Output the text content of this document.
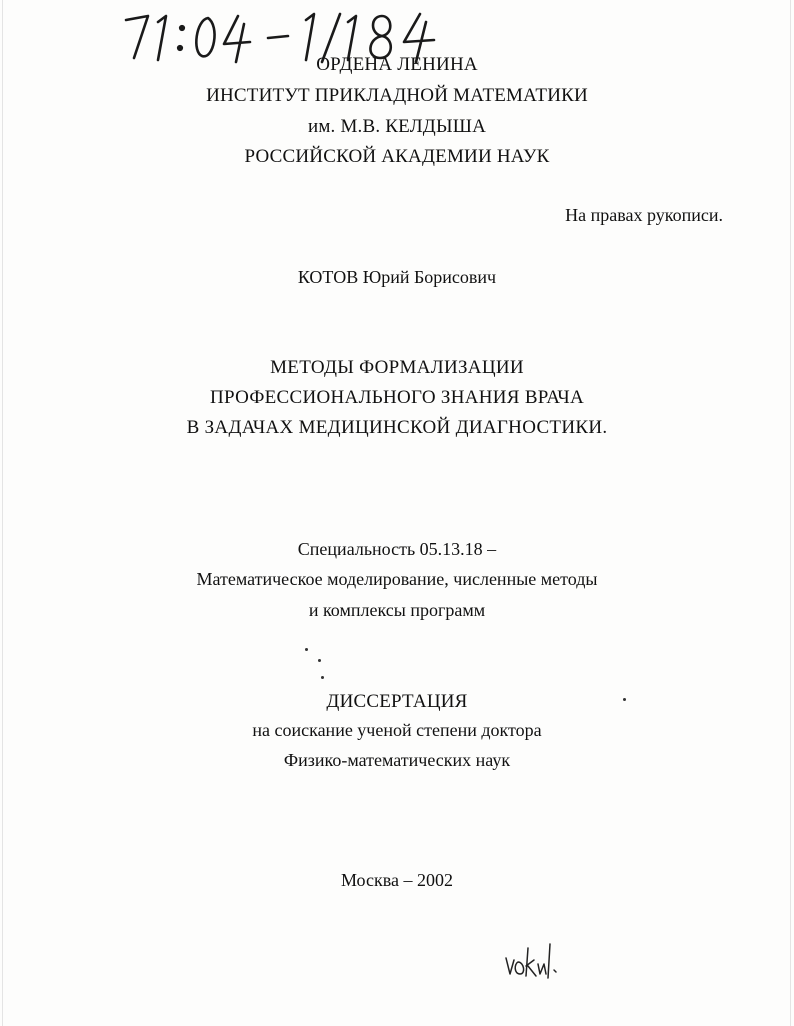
ОРДЕНА ЛЕНИНА
ИНСТИТУТ ПРИКЛАДНОЙ МАТЕМАТИКИ
им. М.В. КЕЛДЫША
РОССИЙСКОЙ АКАДЕМИИ НАУК
На правах рукописи.
КОТОВ Юрий Борисович
МЕТОДЫ ФОРМАЛИЗАЦИИ
ПРОФЕССИОНАЛЬНОГО ЗНАНИЯ ВРАЧА
В ЗАДАЧАХ МЕДИЦИНСКОЙ ДИАГНОСТИКИ.
Специальность 05.13.18 –
Математическое моделирование, численные методы
и комплексы программ
ДИССЕРТАЦИЯ
на соискание ученой степени доктора
Физико-математических наук
Москва – 2002
